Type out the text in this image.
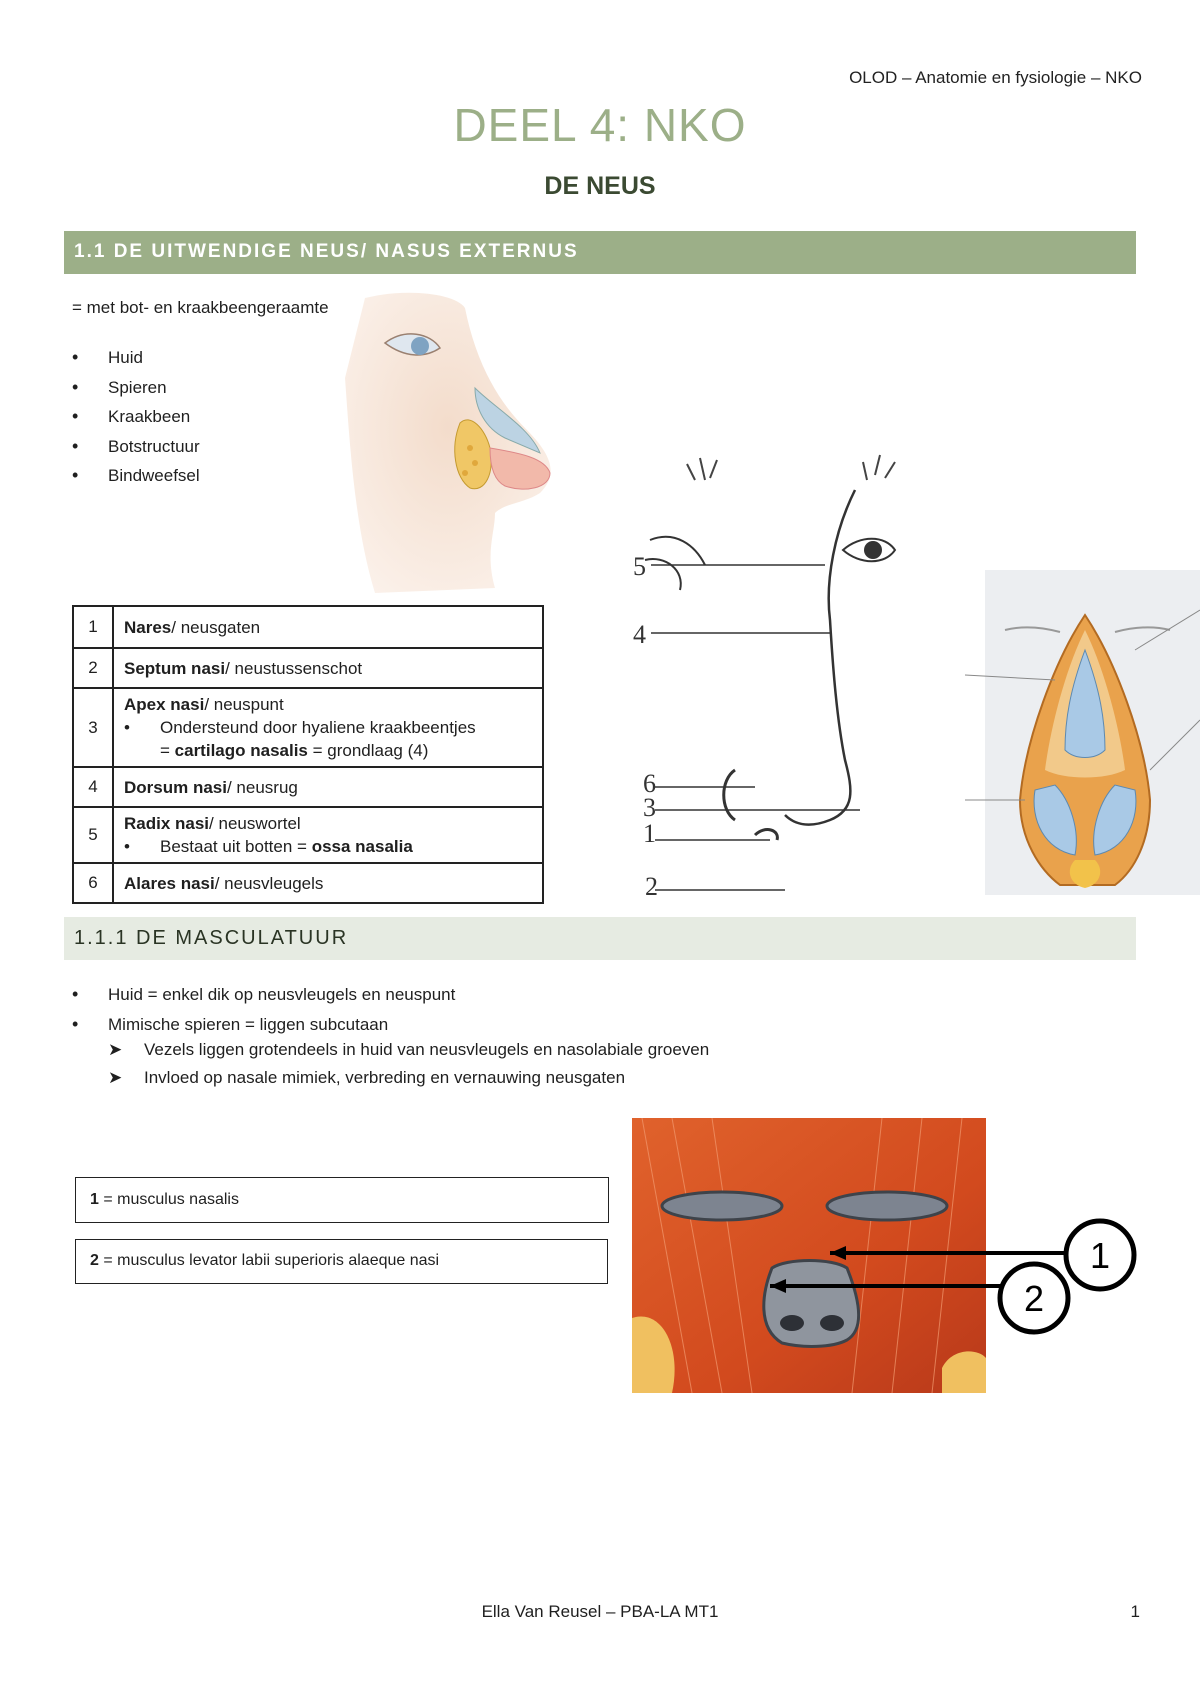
OLOD – Anatomie en fysiologie – NKO
DEEL 4: NKO
DE NEUS
1.1 DE UITWENDIGE NEUS/ NASUS EXTERNUS
= met bot- en kraakbeengeraamte
• Huid
• Spieren
• Kraakbeen
• Botstructuur
• Bindweefsel
5
4
6
3
1
2
1	Nares/ neusgaten
2	Septum nasi/ neustussenschot
3	Apex nasi/ neuspunt
• Ondersteund door hyaliene kraakbeentjes
= cartilago nasalis = grondlaag (4)

4	Dorsum nasi/ neusrug
5	Radix nasi/ neuswortel
• Bestaat uit botten = ossa nasalia

6	Alares nasi/ neusvleugels
1.1.1 DE MASCULATUUR
• Huid = enkel dik op neusvleugels en neuspunt
• Mimische spieren = liggen subcutaan
➤ Vezels liggen grotendeels in huid van neusvleugels en nasolabiale groeven
➤ Invloed op nasale mimiek, verbreding en vernauwing neusgaten
1 = musculus nasalis
2 = musculus levator labii superioris alaeque nasi	1
2
Ella Van Reusel – PBA-LA MT1	1
